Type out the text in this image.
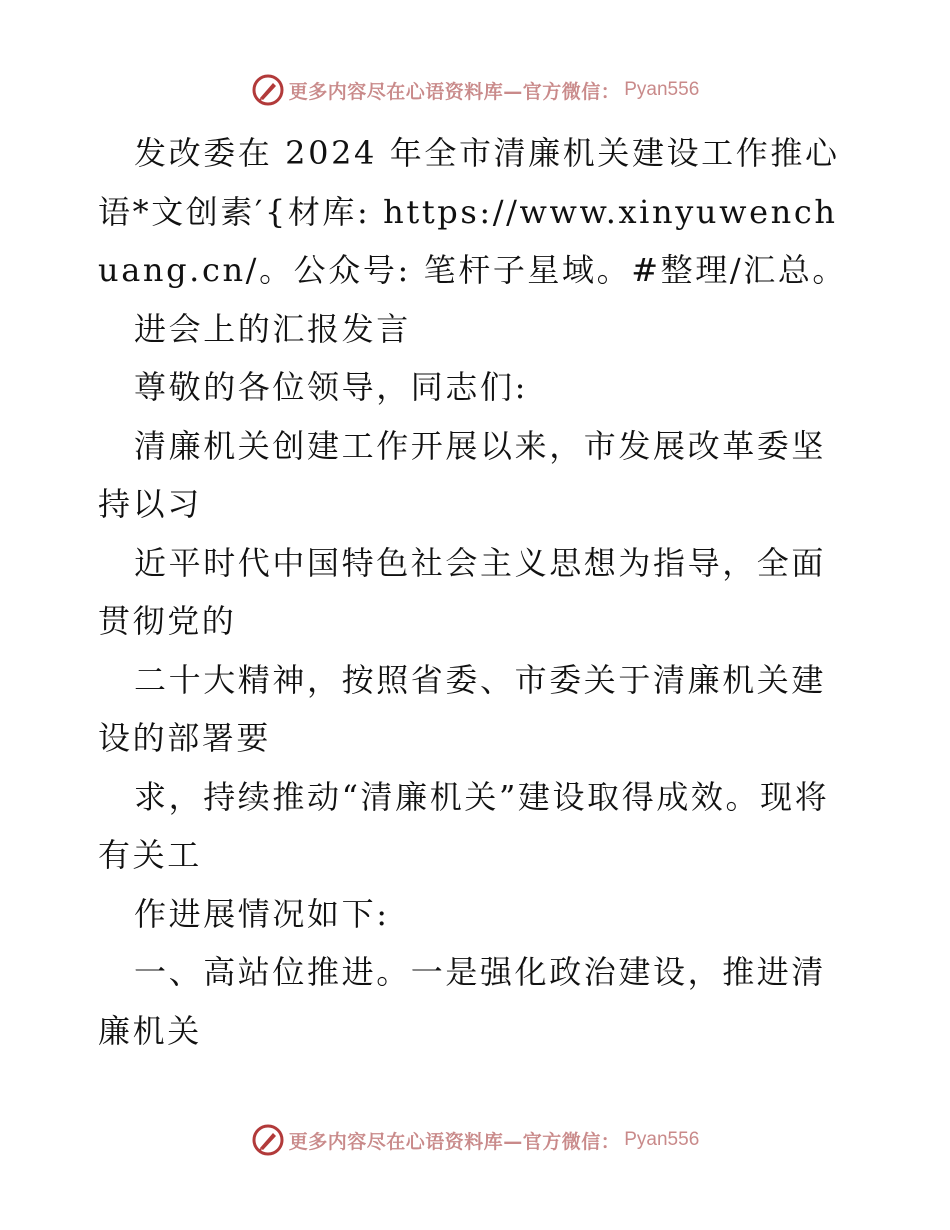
更多内容尽在心语资料库—官方微信： Pyan556

发改委在 2024 年全市清廉机关建设工作推心语*文创素′{材库: https://www.xinyuwenchuang.cn/。公众号: 笔杆子星域。#整理/汇总。

进会上的汇报发言

尊敬的各位领导，同志们:

清廉机关创建工作开展以来，市发展改革委坚持以习

近平时代中国特色社会主义思想为指导，全面贯彻党的

二十大精神，按照省委、市委关于清廉机关建设的部署要

求，持续推动“清廉机关”建设取得成效。现将有关工

作进展情况如下:

一、高站位推进。一是强化政治建设，推进清廉机关

更多内容尽在心语资料库—官方微信： Pyan556
